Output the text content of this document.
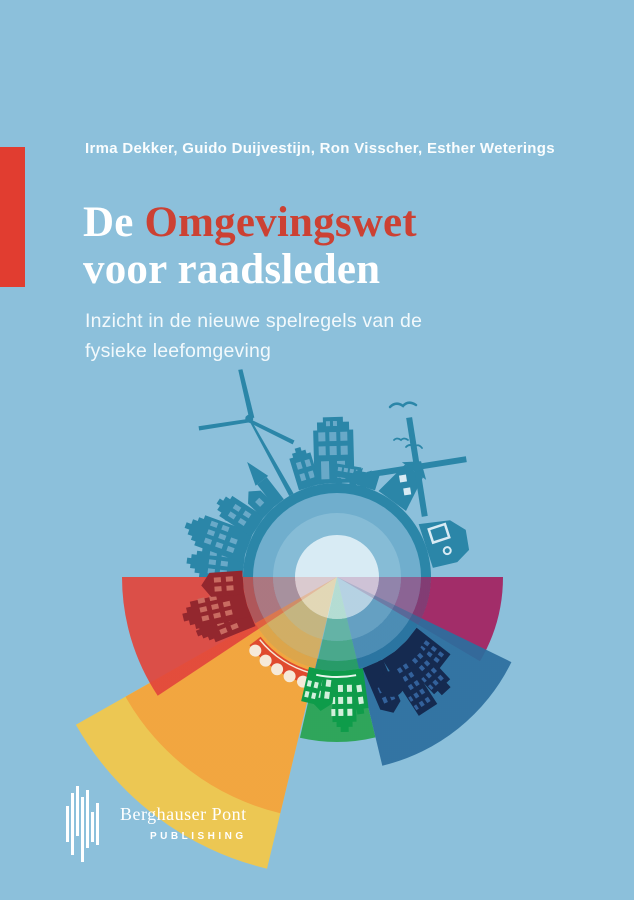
Irma Dekker, Guido Duijvestijn, Ron Visscher, Esther Weterings
De Omgevingswet
voor raadsleden
Inzicht in de nieuwe spelregels van de
fysieke leefomgeving
Berghauser Pont
PUBLISHING
